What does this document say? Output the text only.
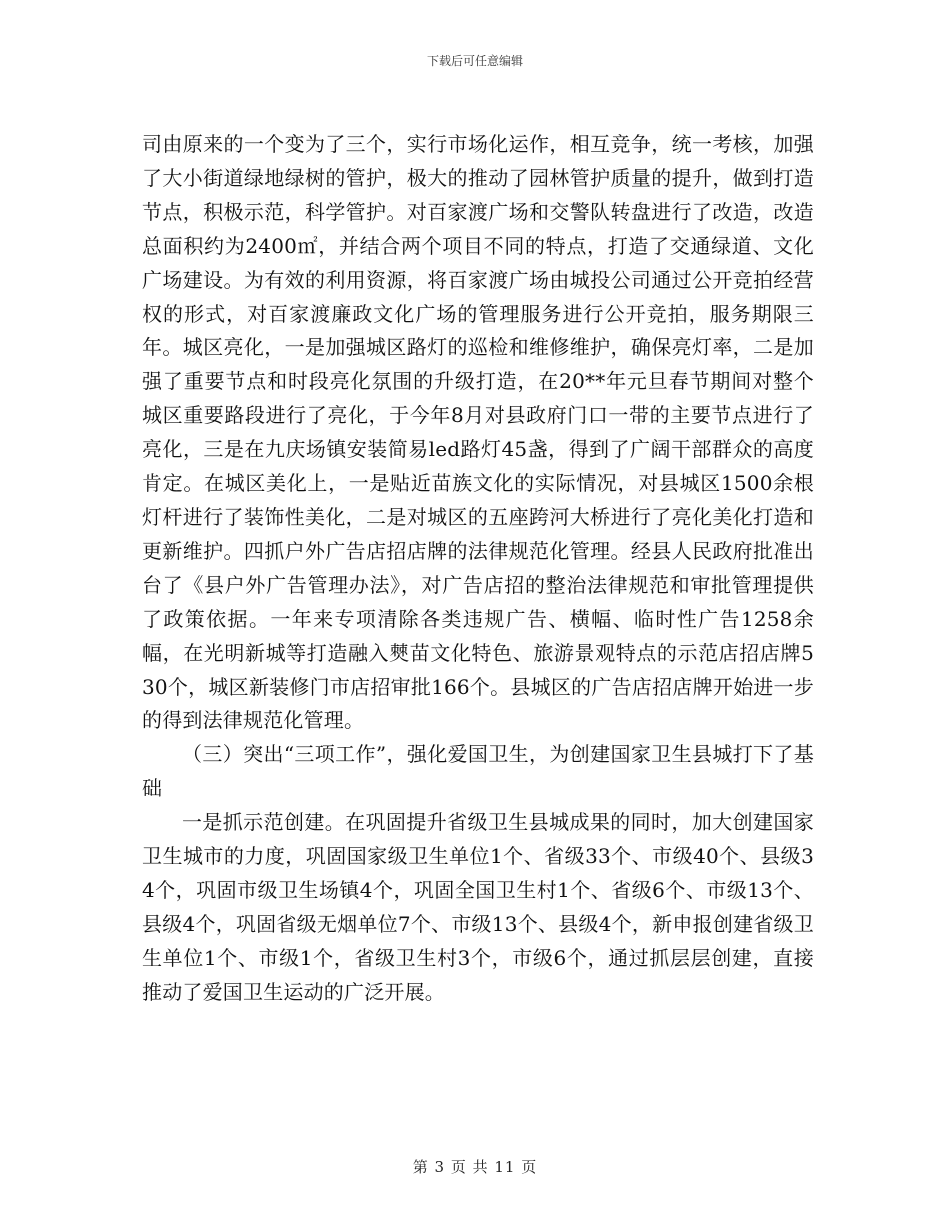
下载后可任意编辑

司由原来的一个变为了三个，实行市场化运作，相互竞争，统一考核，加强了大小街道绿地绿树的管护，极大的推动了园林管护质量的提升，做到打造节点，积极示范，科学管护。对百家渡广场和交警队转盘进行了改造，改造总面积约为2400㎡，并结合两个项目不同的特点，打造了交通绿道、文化广场建设。为有效的利用资源，将百家渡广场由城投公司通过公开竞拍经营权的形式，对百家渡廉政文化广场的管理服务进行公开竞拍，服务期限三年。城区亮化，一是加强城区路灯的巡检和维修维护，确保亮灯率，二是加强了重要节点和时段亮化氛围的升级打造，在20**年元旦春节期间对整个城区重要路段进行了亮化，于今年8月对县政府门口一带的主要节点进行了亮化，三是在九庆场镇安装简易led路灯45盏，得到了广阔干部群众的高度肯定。在城区美化上，一是贴近苗族文化的实际情况，对县城区1500余根灯杆进行了装饰性美化，二是对城区的五座跨河大桥进行了亮化美化打造和更新维护。四抓户外广告店招店牌的法律规范化管理。经县人民政府批准出台了《县户外广告管理办法》，对广告店招的整治法律规范和审批管理提供了政策依据。一年来专项清除各类违规广告、横幅、临时性广告1258余幅，在光明新城等打造融入僰苗文化特色、旅游景观特点的示范店招店牌530个，城区新装修门市店招审批166个。县城区的广告店招店牌开始进一步的得到法律规范化管理。

（三）突出“三项工作”，强化爱国卫生，为创建国家卫生县城打下了基础

一是抓示范创建。在巩固提升省级卫生县城成果的同时，加大创建国家卫生城市的力度，巩固国家级卫生单位1个、省级33个、市级40个、县级34个，巩固市级卫生场镇4个，巩固全国卫生村1个、省级6个、市级13个、县级4个，巩固省级无烟单位7个、市级13个、县级4个，新申报创建省级卫生单位1个、市级1个，省级卫生村3个，市级6个，通过抓层层创建，直接推动了爱国卫生运动的广泛开展。

第 3 页 共 11 页
